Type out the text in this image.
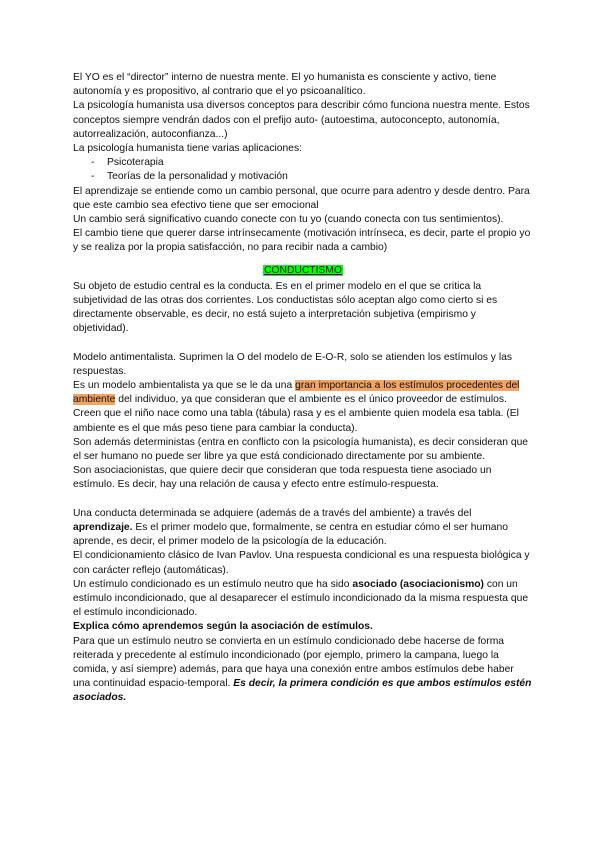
El YO es el “director” interno de nuestra mente. El yo humanista es consciente y activo, tiene autonomía y es propositivo, al contrario que el yo psicoanalítico.

La psicología humanista usa diversos conceptos para describir cómo funciona nuestra mente. Estos conceptos siempre vendrán dados con el prefijo auto- (autoestima, autoconcepto, autonomía, autorrealización, autoconfianza...)

La psicología humanista tiene varias aplicaciones:

- Psicoterapia
- Teorías de la personalidad y motivación

El aprendizaje se entiende como un cambio personal, que ocurre para adentro y desde dentro. Para que este cambio sea efectivo tiene que ser emocional

Un cambio será significativo cuando conecte con tu yo (cuando conecta con tus sentimientos).

El cambio tiene que querer darse intrínsecamente (motivación intrínseca, es decir, parte el propio yo y se realiza por la propia satisfacción, no para recibir nada a cambio)

CONDUCTISMO

Su objeto de estudio central es la conducta. Es en el primer modelo en el que se critica la subjetividad de las otras dos corrientes. Los conductistas sólo aceptan algo como cierto si es directamente observable, es decir, no está sujeto a interpretación subjetiva (empirismo y objetividad).

Modelo antimentalista. Suprimen la O del modelo de E-O-R, solo se atienden los estímulos y las respuestas.

Es un modelo ambientalista ya que se le da una gran importancia a los estímulos procedentes del ambiente del individuo, ya que consideran que el ambiente es el único proveedor de estímulos. Creen que el niño nace como una tabla (tábula) rasa y es el ambiente quien modela esa tabla. (El ambiente es el que más peso tiene para cambiar la conducta).

Son además deterministas (entra en conflicto con la psicología humanista), es decir consideran que el ser humano no puede ser libre ya que está condicionado directamente por su ambiente.

Son asociacionistas, que quiere decir que consideran que toda respuesta tiene asociado un estímulo. Es decir, hay una relación de causa y efecto entre estímulo-respuesta.

Una conducta determinada se adquiere (además de a través del ambiente) a través del aprendizaje. Es el primer modelo que, formalmente, se centra en estudiar cómo el ser humano aprende, es decir, el primer modelo de la psicología de la educación.

El condicionamiento clásico de Ivan Pavlov. Una respuesta condicional es una respuesta biológica y con carácter reflejo (automáticas).

Un estímulo condicionado es un estímulo neutro que ha sido asociado (asociacionismo) con un estímulo incondicionado, que al desaparecer el estímulo incondicionado da la misma respuesta que el estímulo incondicionado.

Explica cómo aprendemos según la asociación de estímulos.

Para que un estímulo neutro se convierta en un estímulo condicionado debe hacerse de forma reiterada y precedente al estímulo incondicionado (por ejemplo, primero la campana, luego la comida, y así siempre) además, para que haya una conexión entre ambos estímulos debe haber una continuidad espacio-temporal. Es decir, la primera condición es que ambos estímulos estén asociados.
